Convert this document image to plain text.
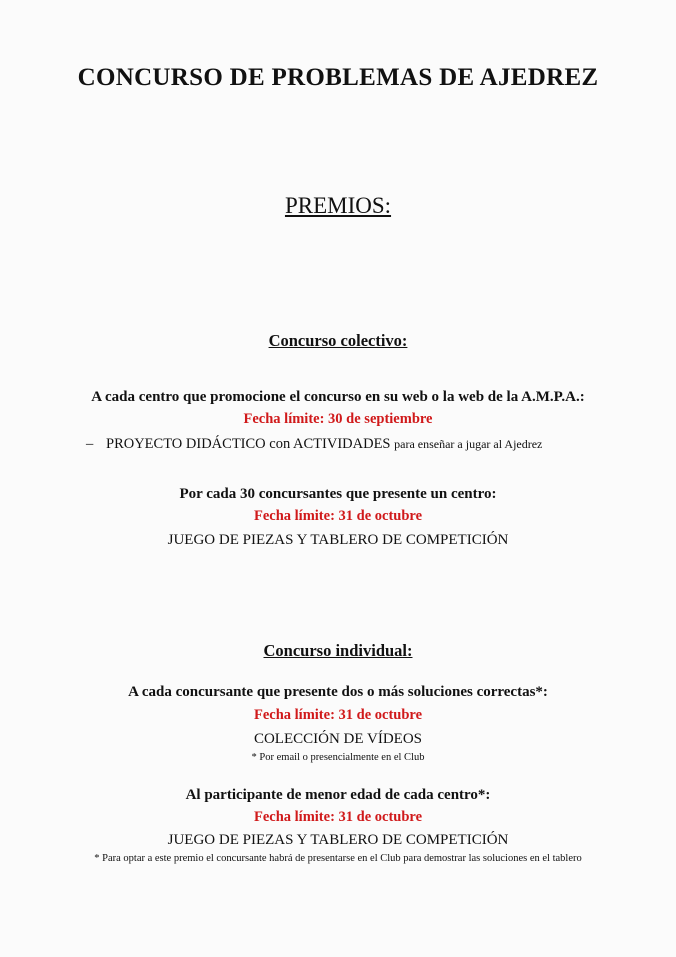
CONCURSO DE PROBLEMAS DE AJEDREZ
PREMIOS:
Concurso colectivo:
A cada centro que promocione el concurso en su web o la web de la A.M.P.A.:
Fecha límite: 30 de septiembre
– PROYECTO DIDÁCTICO con ACTIVIDADES para enseñar a jugar al Ajedrez
Por cada 30 concursantes que presente un centro:
Fecha límite: 31 de octubre
JUEGO DE PIEZAS Y TABLERO DE COMPETICIÓN
Concurso individual:
A cada concursante que presente dos o más soluciones correctas*:
Fecha límite: 31 de octubre
COLECCIÓN DE VÍDEOS
* Por email o presencialmente en el Club
Al participante de menor edad de cada centro*:
Fecha límite: 31 de octubre
JUEGO DE PIEZAS Y TABLERO DE COMPETICIÓN
* Para optar a este premio el concursante habrá de presentarse en el Club para demostrar las soluciones en el tablero
